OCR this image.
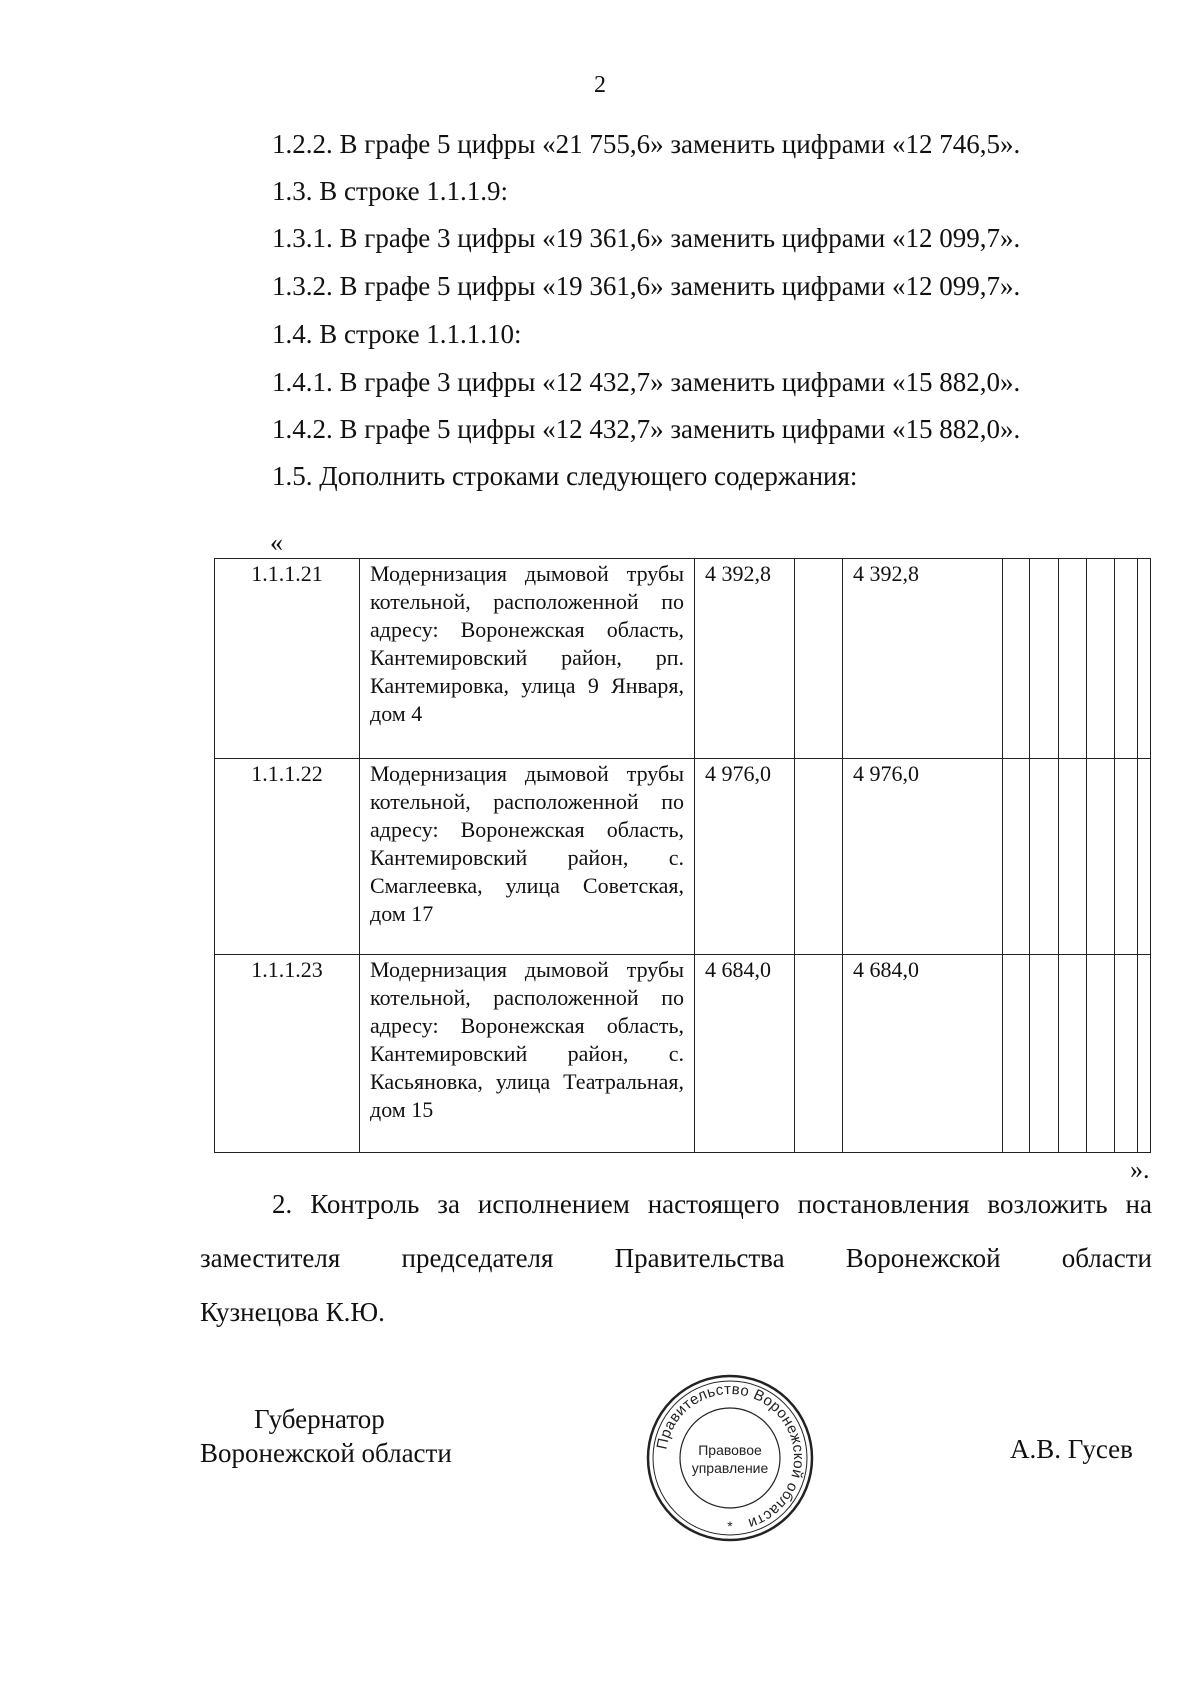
2
1.2.2. В графе 5 цифры «21 755,6» заменить цифрами «12 746,5».
1.3. В строке 1.1.1.9:
1.3.1. В графе 3 цифры «19 361,6» заменить цифрами «12 099,7».
1.3.2. В графе 5 цифры «19 361,6» заменить цифрами «12 099,7».
1.4. В строке 1.1.1.10:
1.4.1. В графе 3 цифры «12 432,7» заменить цифрами «15 882,0».
1.4.2. В графе 5 цифры «12 432,7» заменить цифрами «15 882,0».
1.5. Дополнить строками следующего содержания:
«
1.1.1.21	Модернизация дымовой трубы котельной, расположенной по адресу: Воронежская область, Кантемировский район, рп. Кантемировка, улица 9 Января, дом 4	4 392,8		4 392,8						
1.1.1.22	Модернизация дымовой трубы котельной, расположенной по адресу: Воронежская область, Кантемировский район, с. Смаглеевка, улица Советская, дом 17	4 976,0		4 976,0						
1.1.1.23	Модернизация дымовой трубы котельной, расположенной по адресу: Воронежская область, Кантемировский район, с. Касьяновка, улица Театральная, дом 15	4 684,0		4 684,0						
».
2. Контроль за исполнением настоящего постановления возложить на
заместителя председателя Правительства Воронежской области
Кузнецова К.Ю.
Губернатор
Воронежской области	Правительство Воронежской области
Правовое
управление
*
А.В. Гусев
